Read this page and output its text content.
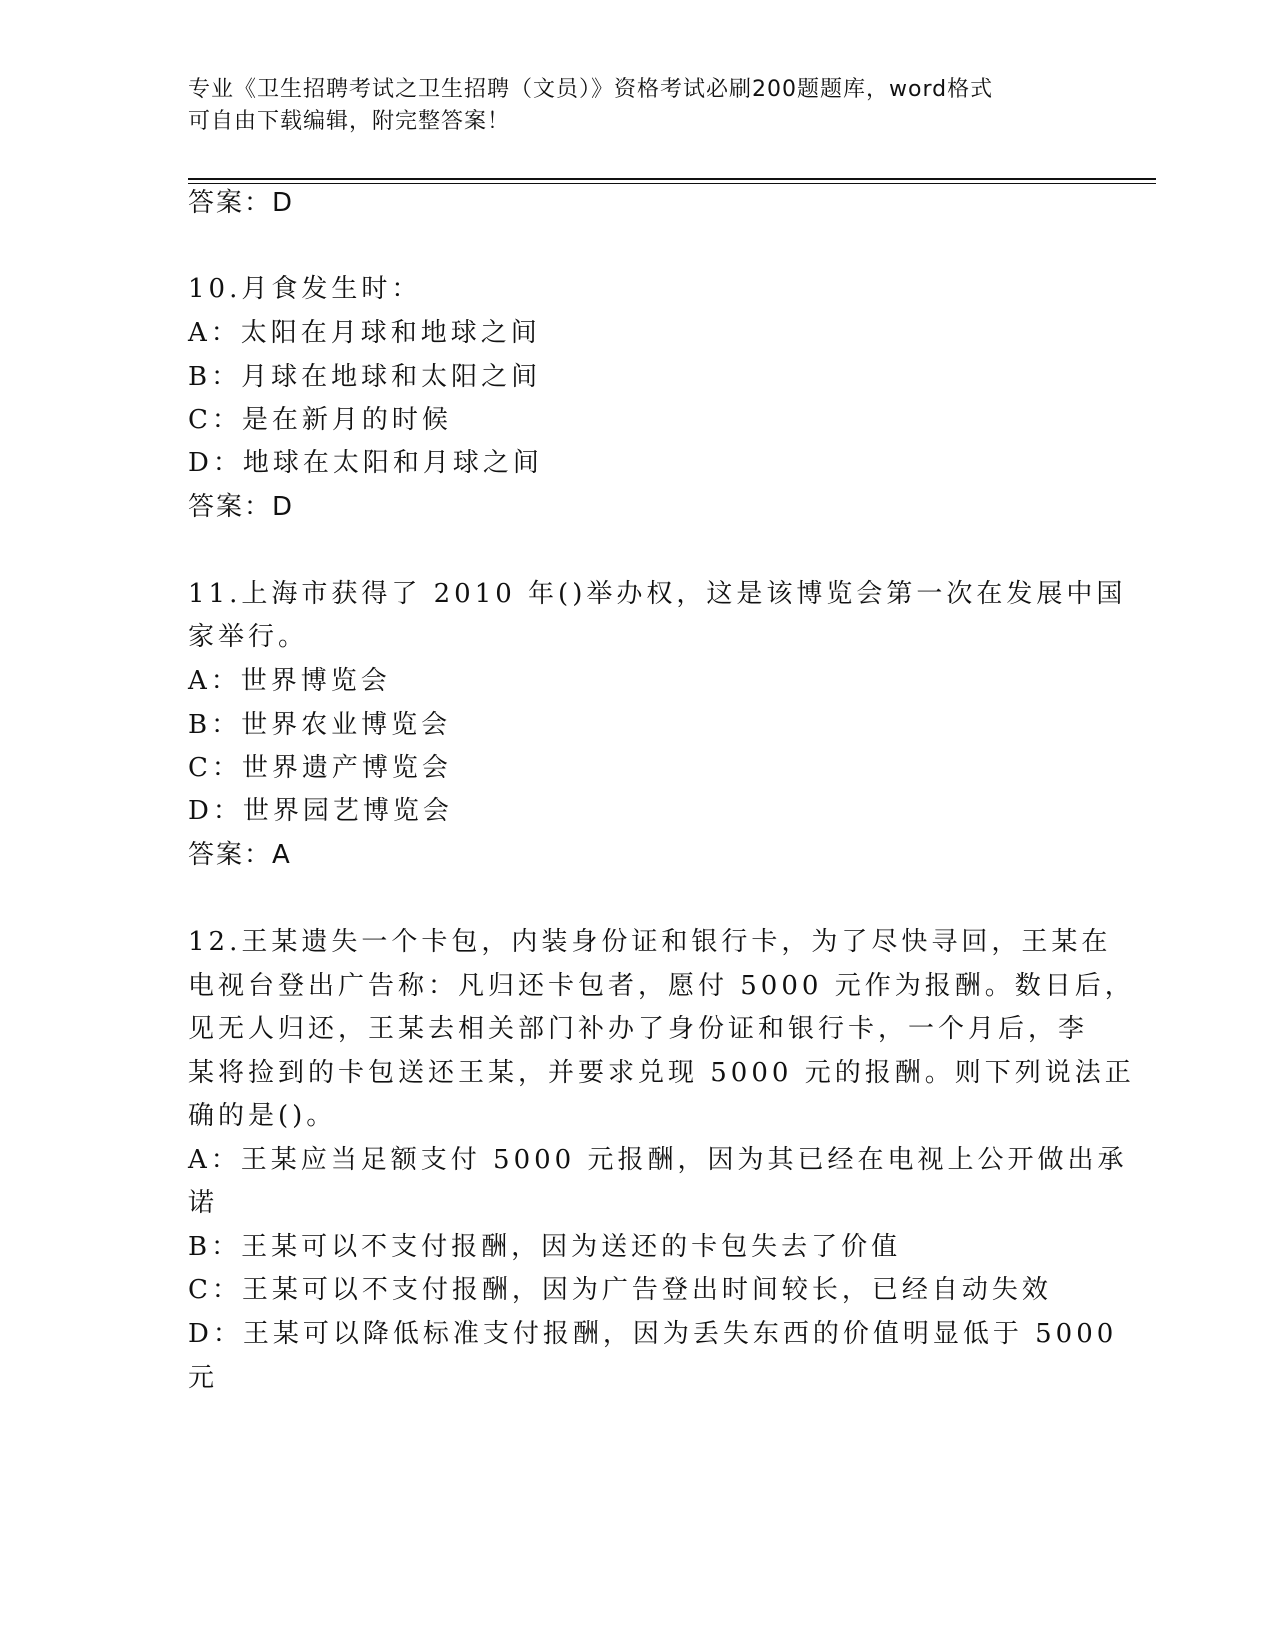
专业《卫生招聘考试之卫生招聘（文员）》资格考试必刷200题题库，word格式
可自由下载编辑，附完整答案！
答案：D
10.月食发生时：
A：太阳在月球和地球之间
B：月球在地球和太阳之间
C：是在新月的时候
D：地球在太阳和月球之间
答案：D
11.上海市获得了 2010 年()举办权，这是该博览会第一次在发展中国
家举行。
A：世界博览会
B：世界农业博览会
C：世界遗产博览会
D：世界园艺博览会
答案：A
12.王某遗失一个卡包，内装身份证和银行卡，为了尽快寻回，王某在
电视台登出广告称：凡归还卡包者，愿付 5000 元作为报酬。数日后，
见无人归还，王某去相关部门补办了身份证和银行卡，一个月后，李
某将捡到的卡包送还王某，并要求兑现 5000 元的报酬。则下列说法正
确的是()。
A：王某应当足额支付 5000 元报酬，因为其已经在电视上公开做出承
诺
B：王某可以不支付报酬，因为送还的卡包失去了价值
C：王某可以不支付报酬，因为广告登出时间较长，已经自动失效
D：王某可以降低标准支付报酬，因为丢失东西的价值明显低于 5000
元
